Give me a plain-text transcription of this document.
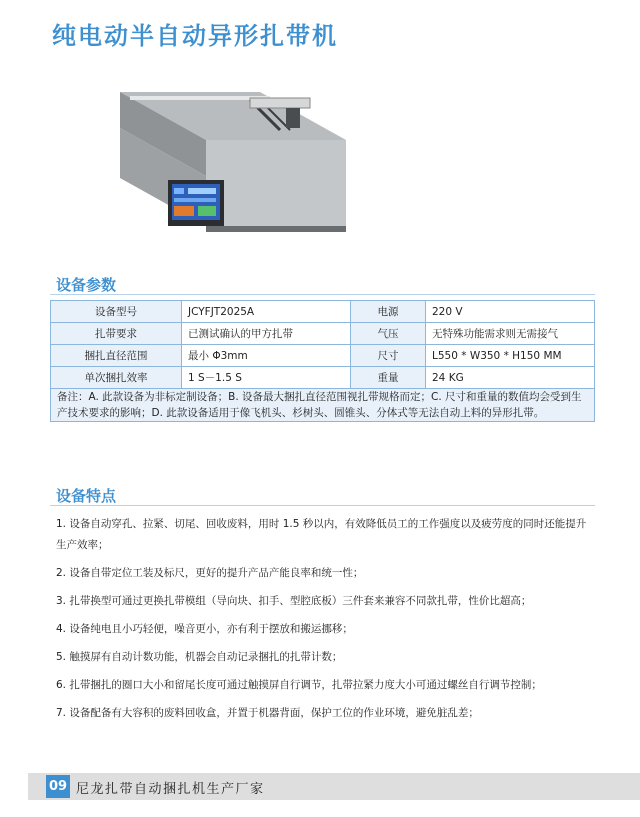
纯电动半自动异形扎带机
设备参数
设备型号	JCYFJT2025A	电源	220 V
扎带要求	已测试确认的甲方扎带	气压	无特殊功能需求则无需接气
捆扎直径范围	最小 Φ3mm	尺寸	L550 * W350 * H150 MM
单次捆扎效率	1 S－1.5 S	重量	24 KG
备注：A. 此款设备为非标定制设备；B. 设备最大捆扎直径范围视扎带规格而定；C. 尺寸和重量的数值均会受到生产技术要求的影响；D. 此款设备适用于像飞机头、杉树头、圆锥头、分体式等无法自动上料的异形扎带。			
设备特点
1. 设备自动穿孔、拉紧、切尾、回收废料，用时 1.5 秒以内，有效降低员工的工作强度以及疲劳度的同时还能提升生产效率；
2. 设备自带定位工装及标尺，更好的提升产品产能良率和统一性；
3. 扎带换型可通过更换扎带模组（导向块、扣手、型腔底板）三件套来兼容不同款扎带，性价比超高；
4. 设备纯电且小巧轻便，噪音更小，亦有利于摆放和搬运挪移；
5. 触摸屏有自动计数功能，机器会自动记录捆扎的扎带计数；
6. 扎带捆扎的圈口大小和留尾长度可通过触摸屏自行调节，扎带拉紧力度大小可通过螺丝自行调节控制；
7. 设备配备有大容积的废料回收盒，并置于机器背面，保护工位的作业环境，避免脏乱差；
09 尼龙扎带自动捆扎机生产厂家
